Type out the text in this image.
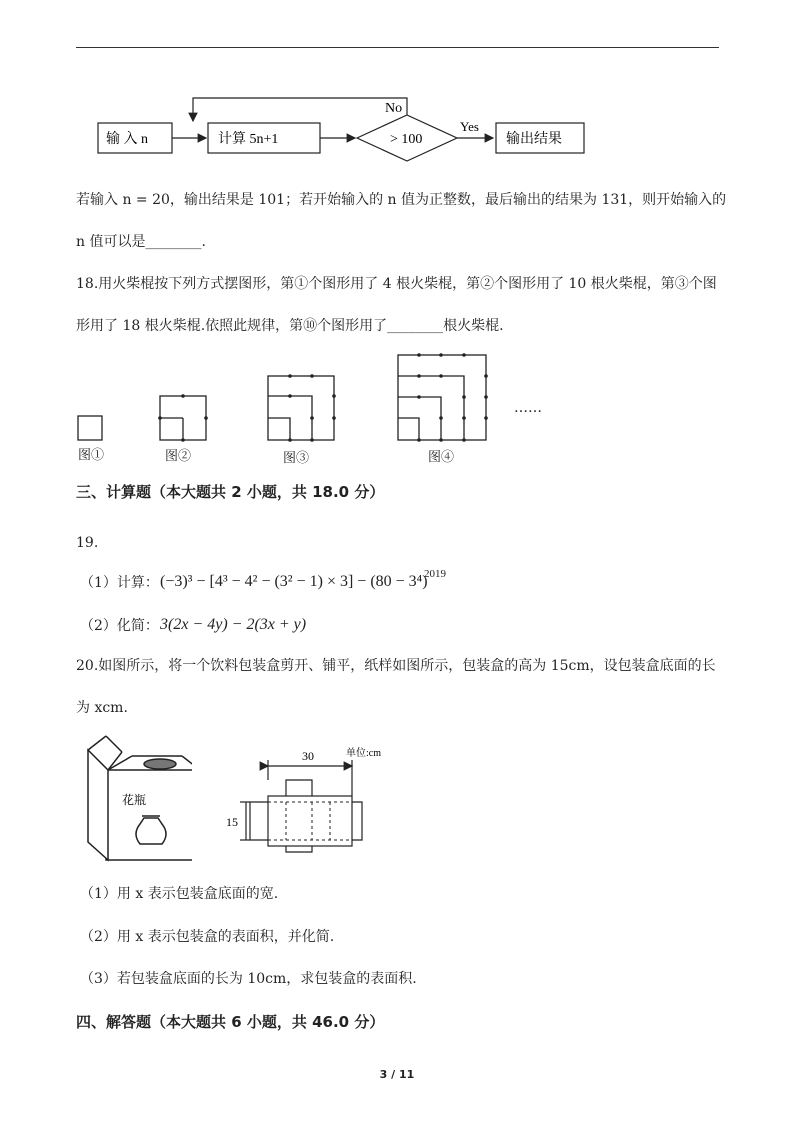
输 入 n	计算 5n+1	> 100
No
Yes
输出结果
若输入 n = 20，输出结果是 101；若开始输入的 n 值为正整数，最后输出的结果为 131，则开始输入的
n 值可以是________.
18.用火柴棍按下列方式摆图形，第①个图形用了 4 根火柴棍，第②个图形用了 10 根火柴棍，第③个图
形用了 18 根火柴棍.依照此规律，第⑩个图形用了________根火柴棍.
……
图①	图②	图③	图④
三、计算题（本大题共 2 小题，共 18.0 分）
19.
（1）计算： (−3)³ − [4³ − 4² − (3² − 1) × 3] − (80 − 3⁴)
2019
（2）化简： 3(2x − 4y) − 2(3x + y)
20.如图所示，将一个饮料包装盒剪开、铺平，纸样如图所示，包装盒的高为 15cm，设包装盒底面的长
为 xcm.
花瓶
30
15
单位:cm
（1）用 x 表示包装盒底面的宽.
（2）用 x 表示包装盒的表面积，并化简.
（3）若包装盒底面的长为 10cm，求包装盒的表面积.
四、解答题（本大题共 6 小题，共 46.0 分）
3 / 11
